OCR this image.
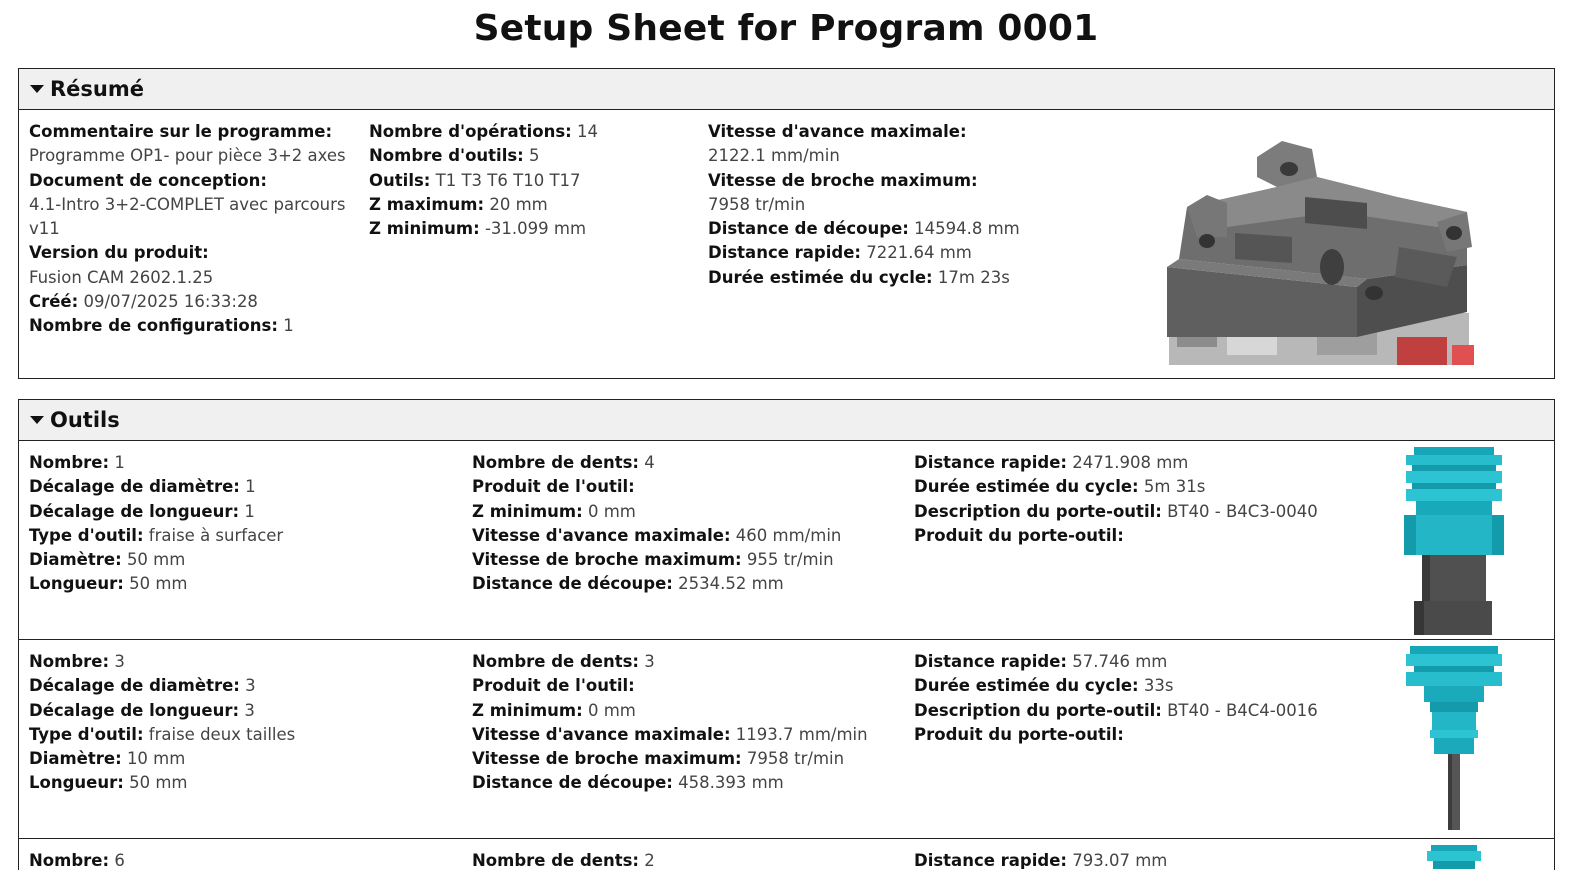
Setup Sheet for Program 0001
Résumé
Commentaire sur le programme:
Programme OP1- pour pièce 3+2 axes
Document de conception:
4.1-Intro 3+2-COMPLET avec parcours
v11
Version du produit:
Fusion CAM 2602.1.25
Créé: 09/07/2025 16:33:28
Nombre de configurations: 1
Nombre d'opérations: 14
Nombre d'outils: 5
Outils: T1 T3 T6 T10 T17
Z maximum: 20 mm
Z minimum: -31.099 mm
Vitesse d'avance maximale:
2122.1 mm/min
Vitesse de broche maximum:
7958 tr/min
Distance de découpe: 14594.8 mm
Distance rapide: 7221.64 mm
Durée estimée du cycle: 17m 23s
Outils
Nombre: 1
Décalage de diamètre: 1
Décalage de longueur: 1
Type d'outil: fraise à surfacer
Diamètre: 50 mm
Longueur: 50 mm
Nombre de dents: 4
Produit de l'outil:
Z minimum: 0 mm
Vitesse d'avance maximale: 460 mm/min
Vitesse de broche maximum: 955 tr/min
Distance de découpe: 2534.52 mm
Distance rapide: 2471.908 mm
Durée estimée du cycle: 5m 31s
Description du porte-outil: BT40 - B4C3-0040
Produit du porte-outil:
Nombre: 3
Décalage de diamètre: 3
Décalage de longueur: 3
Type d'outil: fraise deux tailles
Diamètre: 10 mm
Longueur: 50 mm
Nombre de dents: 3
Produit de l'outil:
Z minimum: 0 mm
Vitesse d'avance maximale: 1193.7 mm/min
Vitesse de broche maximum: 7958 tr/min
Distance de découpe: 458.393 mm
Distance rapide: 57.746 mm
Durée estimée du cycle: 33s
Description du porte-outil: BT40 - B4C4-0016
Produit du porte-outil:
Nombre: 6	Nombre de dents: 2	Distance rapide: 793.07 mm
